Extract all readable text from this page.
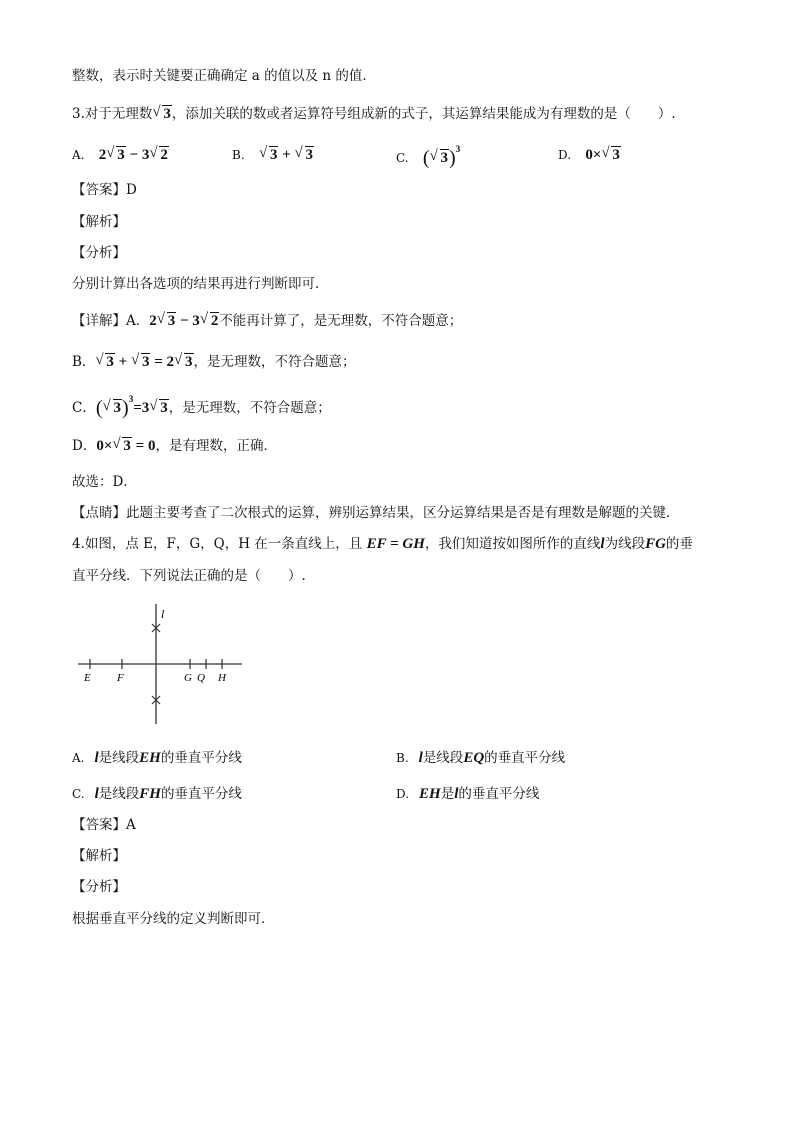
整数，表示时关键要正确确定 a 的值以及 n 的值．
3.对于无理数 √ 3，添加关联的数或者运算符号组成新的式子，其运算结果能成为有理数的是（　　）.
A. 2 √ 3 − 3 √ 2	B. √ 3 + √ 3	C. ( √ 3)$^3$	D. 0× √ 3
【答案】D
【解析】
【分析】
分别计算出各选项的结果再进行判断即可．
【详解】A．2 √ 3 − 3 √ 2不能再计算了，是无理数，不符合题意；
B． √ 3 + √ 3 = 2 √ 3，是无理数，不符合题意；
C．( √ 3)$^3$=3 √ 3，是无理数，不符合题意；
D．0× √ 3 = 0，是有理数，正确．
故选：D．
【点睛】此题主要考查了二次根式的运算，辨别运算结果，区分运算结果是否是有理数是解题的关键．
4.如图，点 E，F，G，Q，H 在一条直线上，且 EF = GH，我们知道按如图所作的直线l为线段FG的垂
直平分线．下列说法正确的是（　　）.
l
E F	G Q H
A. l是线段EH的垂直平分线	B. l是线段EQ的垂直平分线
C. l是线段FH的垂直平分线	D. EH是l的垂直平分线
【答案】A
【解析】
【分析】
根据垂直平分线的定义判断即可．
